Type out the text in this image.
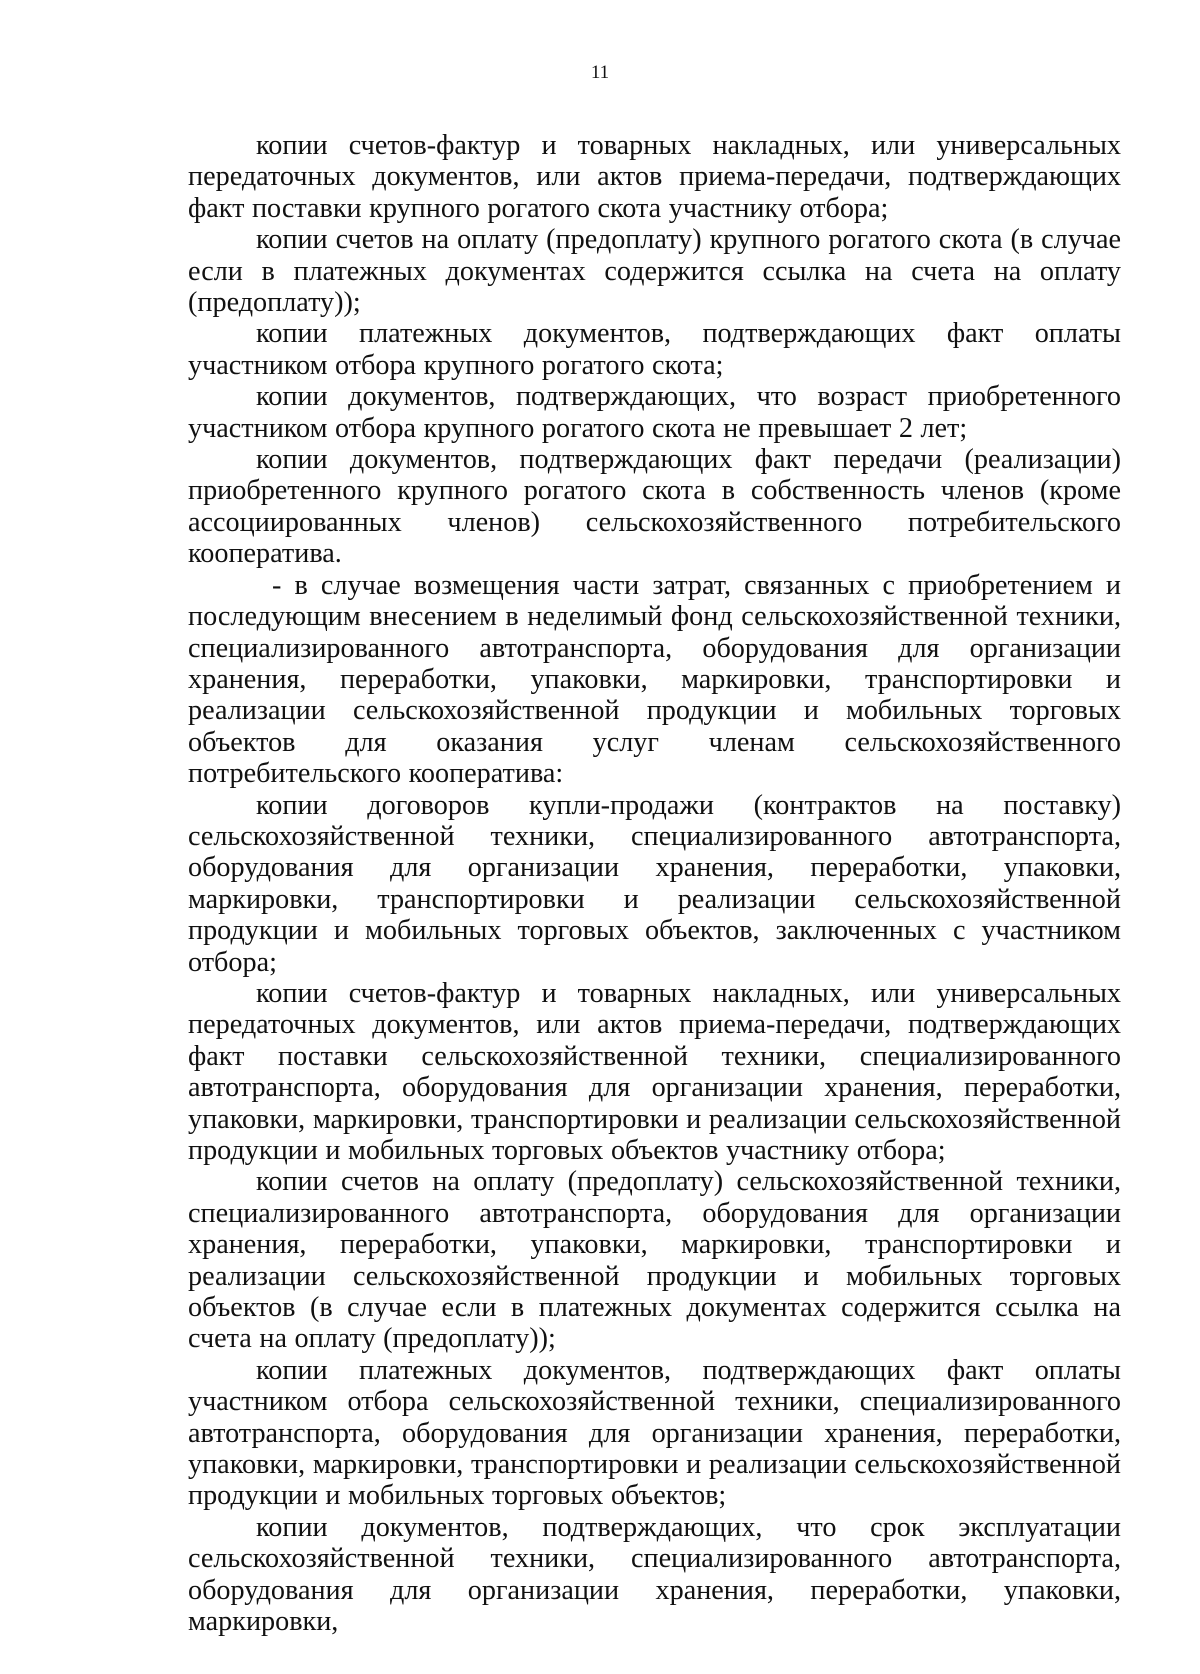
11

копии счетов-фактур и товарных накладных, или универсальных передаточных документов, или актов приема-передачи, подтверждающих факт поставки крупного рогатого скота участнику отбора;

копии счетов на оплату (предоплату) крупного рогатого скота (в случае если в платежных документах содержится ссылка на счета на оплату (предоплату));

копии платежных документов, подтверждающих факт оплаты участником отбора крупного рогатого скота;

копии документов, подтверждающих, что возраст приобретенного участником отбора крупного рогатого скота не превышает 2 лет;

копии документов, подтверждающих факт передачи (реализации) приобретенного крупного рогатого скота в собственность членов (кроме ассоциированных членов) сельскохозяйственного потребительского кооператива.

- в случае возмещения части затрат, связанных с приобретением и последующим внесением в неделимый фонд сельскохозяйственной техники, специализированного автотранспорта, оборудования для организации хранения, переработки, упаковки, маркировки, транспортировки и реализации сельскохозяйственной продукции и мобильных торговых объектов для оказания услуг членам сельскохозяйственного потребительского кооператива:

копии договоров купли-продажи (контрактов на поставку) сельскохозяйственной техники, специализированного автотранспорта, оборудования для организации хранения, переработки, упаковки, маркировки, транспортировки и реализации сельскохозяйственной продукции и мобильных торговых объектов, заключенных с участником отбора;

копии счетов-фактур и товарных накладных, или универсальных передаточных документов, или актов приема-передачи, подтверждающих факт поставки сельскохозяйственной техники, специализированного автотранспорта, оборудования для организации хранения, переработки, упаковки, маркировки, транспортировки и реализации сельскохозяйственной продукции и мобильных торговых объектов участнику отбора;

копии счетов на оплату (предоплату) сельскохозяйственной техники, специализированного автотранспорта, оборудования для организации хранения, переработки, упаковки, маркировки, транспортировки и реализации сельскохозяйственной продукции и мобильных торговых объектов (в случае если в платежных документах содержится ссылка на счета на оплату (предоплату));

копии платежных документов, подтверждающих факт оплаты участником отбора сельскохозяйственной техники, специализированного автотранспорта, оборудования для организации хранения, переработки, упаковки, маркировки, транспортировки и реализации сельскохозяйственной продукции и мобильных торговых объектов;

копии документов, подтверждающих, что срок эксплуатации сельскохозяйственной техники, специализированного автотранспорта, оборудования для организации хранения, переработки, упаковки, маркировки,
